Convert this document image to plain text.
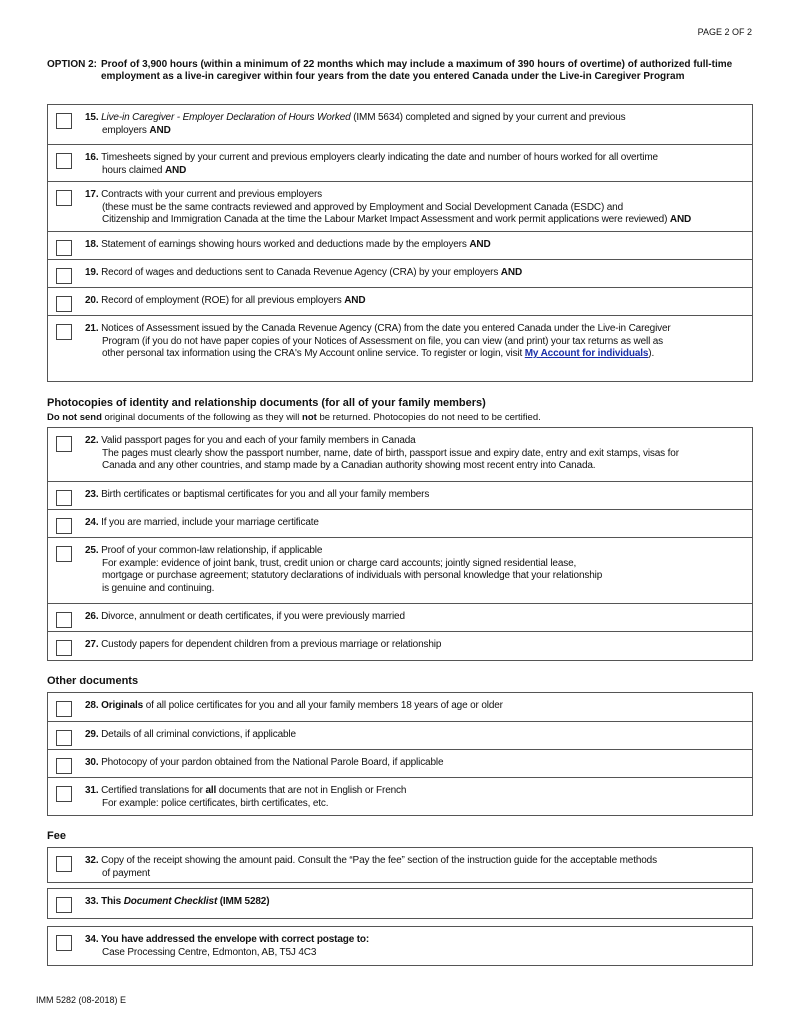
PAGE 2 OF 2
OPTION 2: Proof of 3,900 hours (within a minimum of 22 months which may include a maximum of 390 hours of overtime) of authorized full-time employment as a live-in caregiver within four years from the date you entered Canada under the Live-in Caregiver Program
15. Live-in Caregiver - Employer Declaration of Hours Worked (IMM 5634) completed and signed by your current and previous
employers AND
16. Timesheets signed by your current and previous employers clearly indicating the date and number of hours worked for all overtime
hours claimed AND
17. Contracts with your current and previous employers
(these must be the same contracts reviewed and approved by Employment and Social Development Canada (ESDC) and
Citizenship and Immigration Canada at the time the Labour Market Impact Assessment and work permit applications were reviewed) AND
18. Statement of earnings showing hours worked and deductions made by the employers AND
19. Record of wages and deductions sent to Canada Revenue Agency (CRA) by your employers AND
20. Record of employment (ROE) for all previous employers AND
21. Notices of Assessment issued by the Canada Revenue Agency (CRA) from the date you entered Canada under the Live-in Caregiver
Program (if you do not have paper copies of your Notices of Assessment on file, you can view (and print) your tax returns as well as
other personal tax information using the CRA's My Account online service. To register or login, visit My Account for individuals).
Photocopies of identity and relationship documents (for all of your family members)
Do not send original documents of the following as they will not be returned. Photocopies do not need to be certified.
22. Valid passport pages for you and each of your family members in Canada
The pages must clearly show the passport number, name, date of birth, passport issue and expiry date, entry and exit stamps, visas for
Canada and any other countries, and stamp made by a Canadian authority showing most recent entry into Canada.
23. Birth certificates or baptismal certificates for you and all your family members
24. If you are married, include your marriage certificate
25. Proof of your common-law relationship, if applicable
For example: evidence of joint bank, trust, credit union or charge card accounts; jointly signed residential lease,
mortgage or purchase agreement; statutory declarations of individuals with personal knowledge that your relationship
is genuine and continuing.
26. Divorce, annulment or death certificates, if you were previously married
27. Custody papers for dependent children from a previous marriage or relationship
Other documents
28. Originals of all police certificates for you and all your family members 18 years of age or older
29. Details of all criminal convictions, if applicable
30. Photocopy of your pardon obtained from the National Parole Board, if applicable
31. Certified translations for all documents that are not in English or French
For example: police certificates, birth certificates, etc.
Fee
32. Copy of the receipt showing the amount paid. Consult the “Pay the fee” section of the instruction guide for the acceptable methods
of payment
33. This Document Checklist (IMM 5282)
34. You have addressed the envelope with correct postage to:
Case Processing Centre, Edmonton, AB, T5J 4C3
IMM 5282 (08-2018) E
